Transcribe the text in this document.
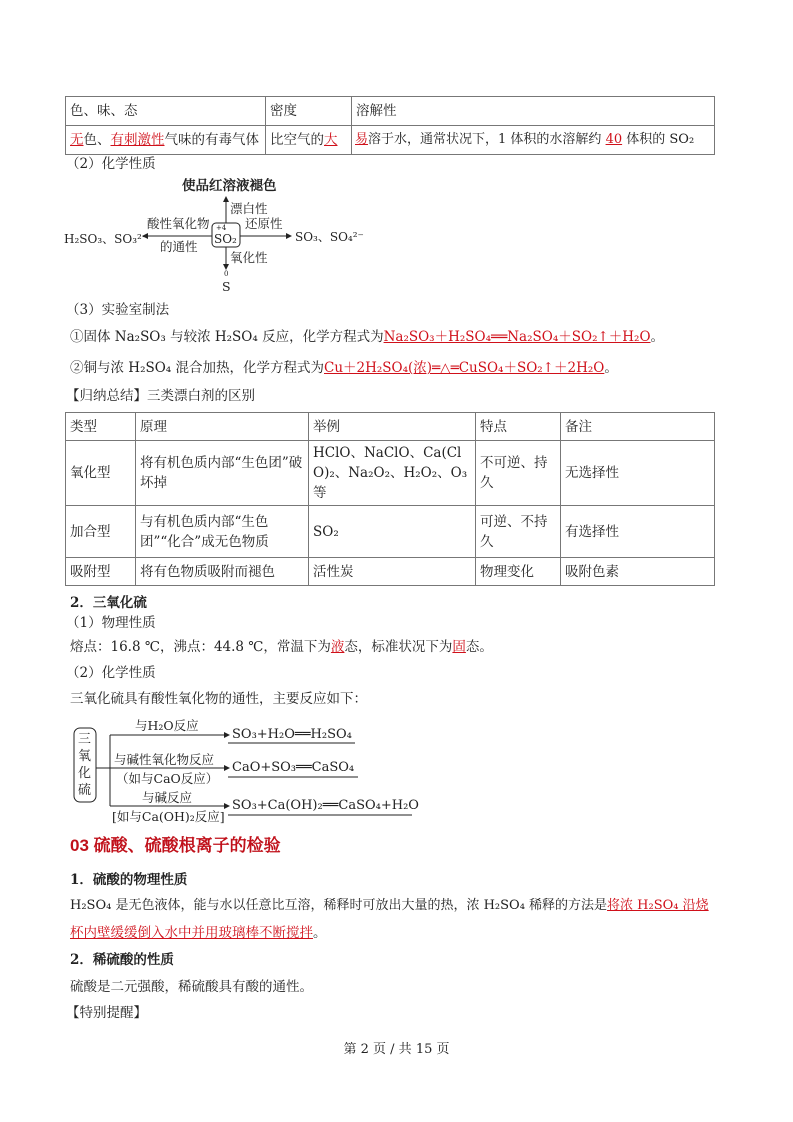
色、味、态	密度	溶解性
无色、有刺激性气味的有毒气体	比空气的大	易溶于水，通常状况下，1 体积的水溶解约 40 体积的 SO₂
（2）化学性质
使品红溶液褪色
漂白性
+4
SO₂
酸性氧化物
的通性
H₂SO₃、SO₃²⁻
还原性
SO₃、SO₄²⁻
氧化性
0
S
（3）实验室制法
①固体 Na₂SO₃ 与较浓 H₂SO₄ 反应，化学方程式为Na₂SO₃＋H₂SO₄══Na₂SO₄＋SO₂↑＋H₂O。
②铜与浓 H₂SO₄ 混合加热，化学方程式为Cu＋2H₂SO₄(浓)═△═CuSO₄＋SO₂↑＋2H₂O。
【归纳总结】三类漂白剂的区别
类型	原理	举例	特点	备注
氧化型	将有机色质内部“生色团”破坏掉	HClO、NaClO、Ca(ClO)₂、Na₂O₂、H₂O₂、O₃ 等	不可逆、持久	无选择性
加合型	与有机色质内部“生色团”“化合”成无色物质	SO₂	可逆、不持久	有选择性
吸附型	将有色物质吸附而褪色	活性炭	物理变化	吸附色素
2．三氧化硫
（1）物理性质
熔点：16.8 ℃，沸点：44.8 ℃，常温下为液态，标准状况下为固态。
（2）化学性质
三氧化硫具有酸性氧化物的通性，主要反应如下：
三氧化硫
与H₂O反应
SO₃+H₂O══H₂SO₄
与碱性氧化物反应
（如与CaO反应）
CaO+SO₃══CaSO₄
与碱反应
[如与Ca(OH)₂反应]
SO₃+Ca(OH)₂══CaSO₄+H₂O
03 硫酸、硫酸根离子的检验
1．硫酸的物理性质
H₂SO₄ 是无色液体，能与水以任意比互溶，稀释时可放出大量的热，浓 H₂SO₄ 稀释的方法是将浓 H₂SO₄ 沿烧
杯内壁缓缓倒入水中并用玻璃棒不断搅拌。
2．稀硫酸的性质
硫酸是二元强酸，稀硫酸具有酸的通性。
【特别提醒】
第 2 页 / 共 15 页
